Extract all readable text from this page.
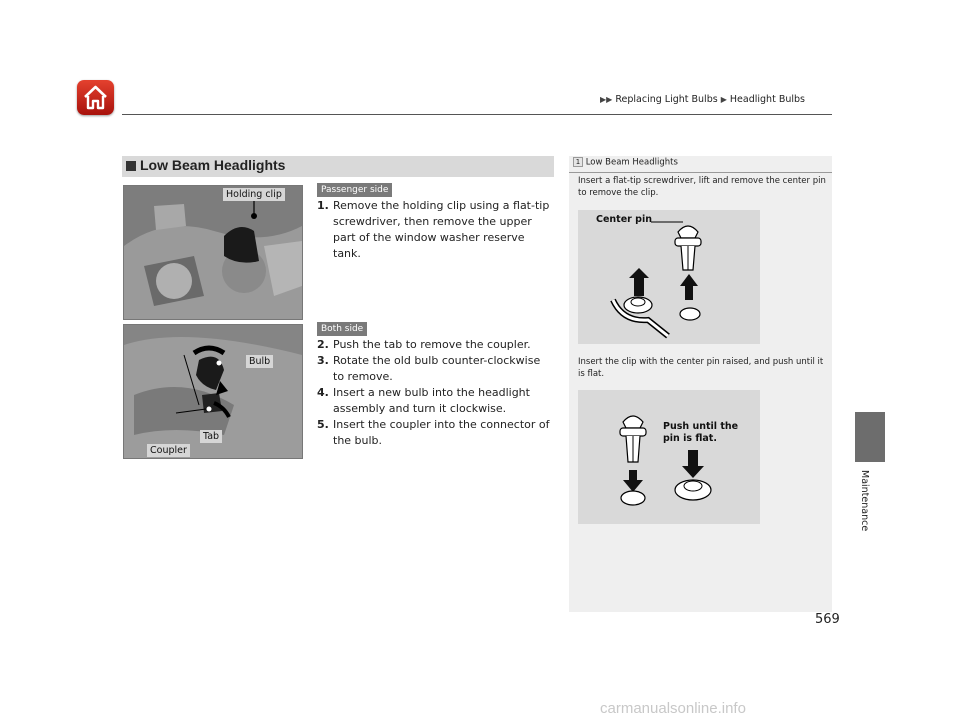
▶▶ Replacing Light Bulbs ▶ Headlight Bulbs
Low Beam Headlights
Holding clip
Bulb
Tab
Coupler
Passenger side
1. Remove the holding clip using a flat-tip screwdriver, then remove the upper part of the window washer reserve tank.
Both side
2. Push the tab to remove the coupler.
3. Rotate the old bulb counter-clockwise to remove.
4. Insert a new bulb into the headlight assembly and turn it clockwise.
5. Insert the coupler into the connector of the bulb.
1 Low Beam Headlights
Insert a flat-tip screwdriver, lift and remove the center pin to remove the clip.
Center pin
Insert the clip with the center pin raised, and push until it is flat.
Push until the
pin is flat.
Maintenance
569
carmanualsonline.info
